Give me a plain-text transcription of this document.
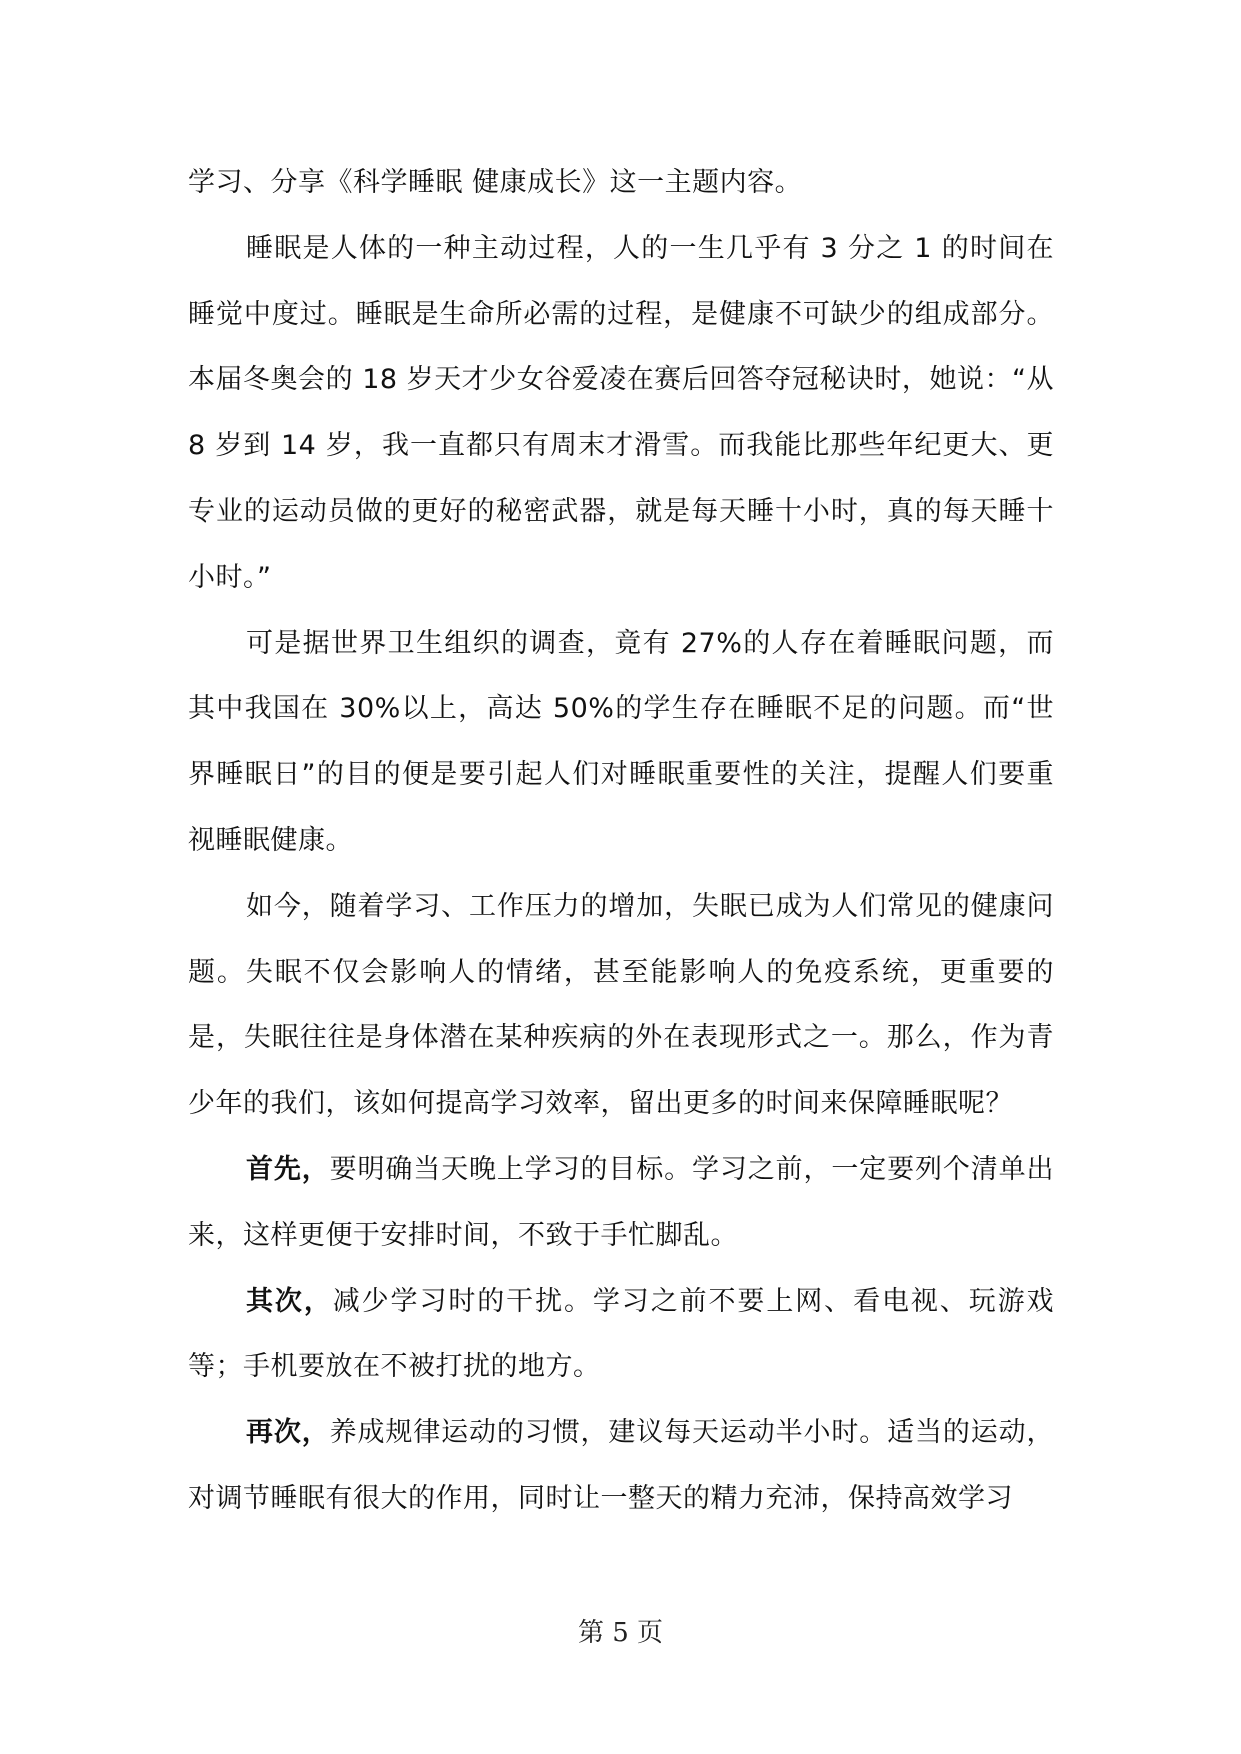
学习、分享《科学睡眠 健康成长》这一主题内容。

睡眠是人体的一种主动过程，人的一生几乎有 3 分之 1 的时间在睡觉中度过。睡眠是生命所必需的过程，是健康不可缺少的组成部分。本届冬奥会的 18 岁天才少女谷爱凌在赛后回答夺冠秘诀时，她说：“从 8 岁到 14 岁，我一直都只有周末才滑雪。而我能比那些年纪更大、更专业的运动员做的更好的秘密武器，就是每天睡十小时，真的每天睡十小时。”

可是据世界卫生组织的调查，竟有 27%的人存在着睡眠问题，而其中我国在 30%以上，高达 50%的学生存在睡眠不足的问题。而“世界睡眠日”的目的便是要引起人们对睡眠重要性的关注，提醒人们要重视睡眠健康。

如今，随着学习、工作压力的增加，失眠已成为人们常见的健康问题。失眠不仅会影响人的情绪，甚至能影响人的免疫系统，更重要的是，失眠往往是身体潜在某种疾病的外在表现形式之一。那么，作为青少年的我们，该如何提高学习效率，留出更多的时间来保障睡眠呢？

首先，要明确当天晚上学习的目标。学习之前，一定要列个清单出来，这样更便于安排时间，不致于手忙脚乱。

其次，减少学习时的干扰。学习之前不要上网、看电视、玩游戏等；手机要放在不被打扰的地方。

再次，养成规律运动的习惯，建议每天运动半小时。适当的运动，对调节睡眠有很大的作用，同时让一整天的精力充沛，保持高效学习

第 5 页
